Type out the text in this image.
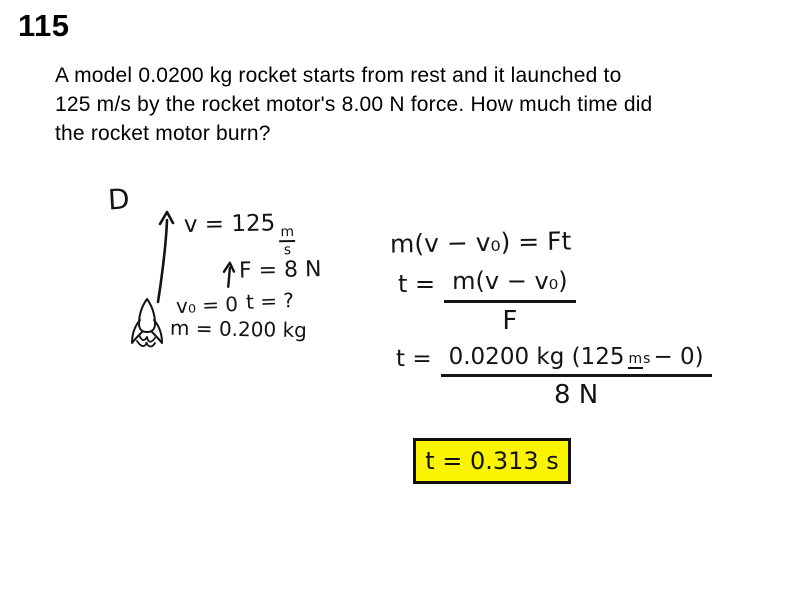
115
A model 0.0200 kg rocket starts from rest and it launched to
125 m/s by the rocket motor's 8.00 N force. How much time did
the rocket motor burn?
D
v = 125
$\frac{m}{s}$
F = 8 N
v₀ = 0 t = ?
m = 0.200 kg
m(v − v₀) = Ft
$t = \frac{\text{m(v − v₀)}}{F}$
$t = \frac{0.0200 kg (125 ms - 0)}{8 N}$
t = 0.313 s
